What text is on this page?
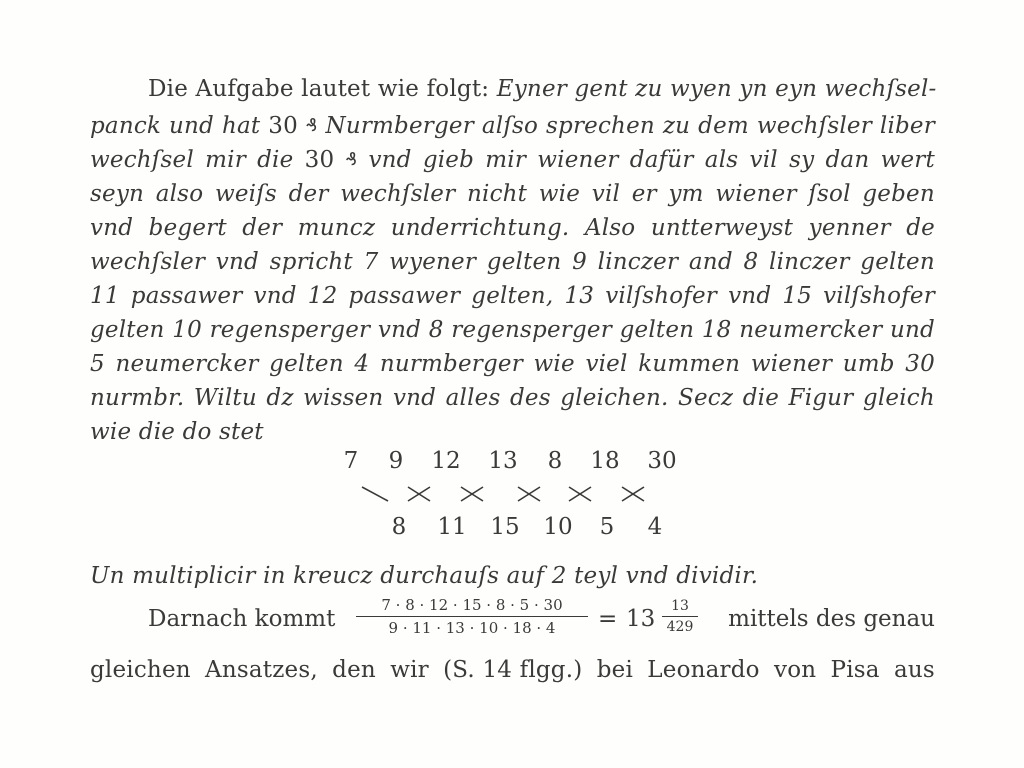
Die Aufgabe lautet wie folgt: Eyner gent zu wyen yn eyn wechſsel-
panck und hat 30 ₰ Nurmberger alſso sprechen zu dem wechſsler liber
wechſsel mir die 30 ₰ vnd gieb mir wiener dafür als vil sy dan wert
seyn also weiſs der wechſsler nicht wie vil er ym wiener ſsol geben
vnd begert der muncz underrichtung. Also untterweyst yenner de
wechſsler vnd spricht 7 wyener gelten 9 linczer and 8 linczer gelten
11 passawer vnd 12 passawer gelten, 13 vilſshofer vnd 15 vilſshofer
gelten 10 regensperger vnd 8 regensperger gelten 18 neumercker und
5 neumercker gelten 4 nurmberger wie viel kummen wiener umb 30
nurmbr. Wiltu dz wissen vnd alles des gleichen. Secz die Figur gleich
wie die do stet
7 9 12 13 8 18 30
8 11 15 10 5 4
Un multiplicir in kreucz durchauſs auf 2 teyl vnd dividir.
Darnach kommt
7 · 8 · 12 · 15 · 8 · 5 · 30
9 · 11 · 13 · 10 · 18 · 4	= 13	13
429 mittels des genau
gleichen Ansatzes, den wir (S. 14 flgg.) bei Leonardo von Pisa aus
